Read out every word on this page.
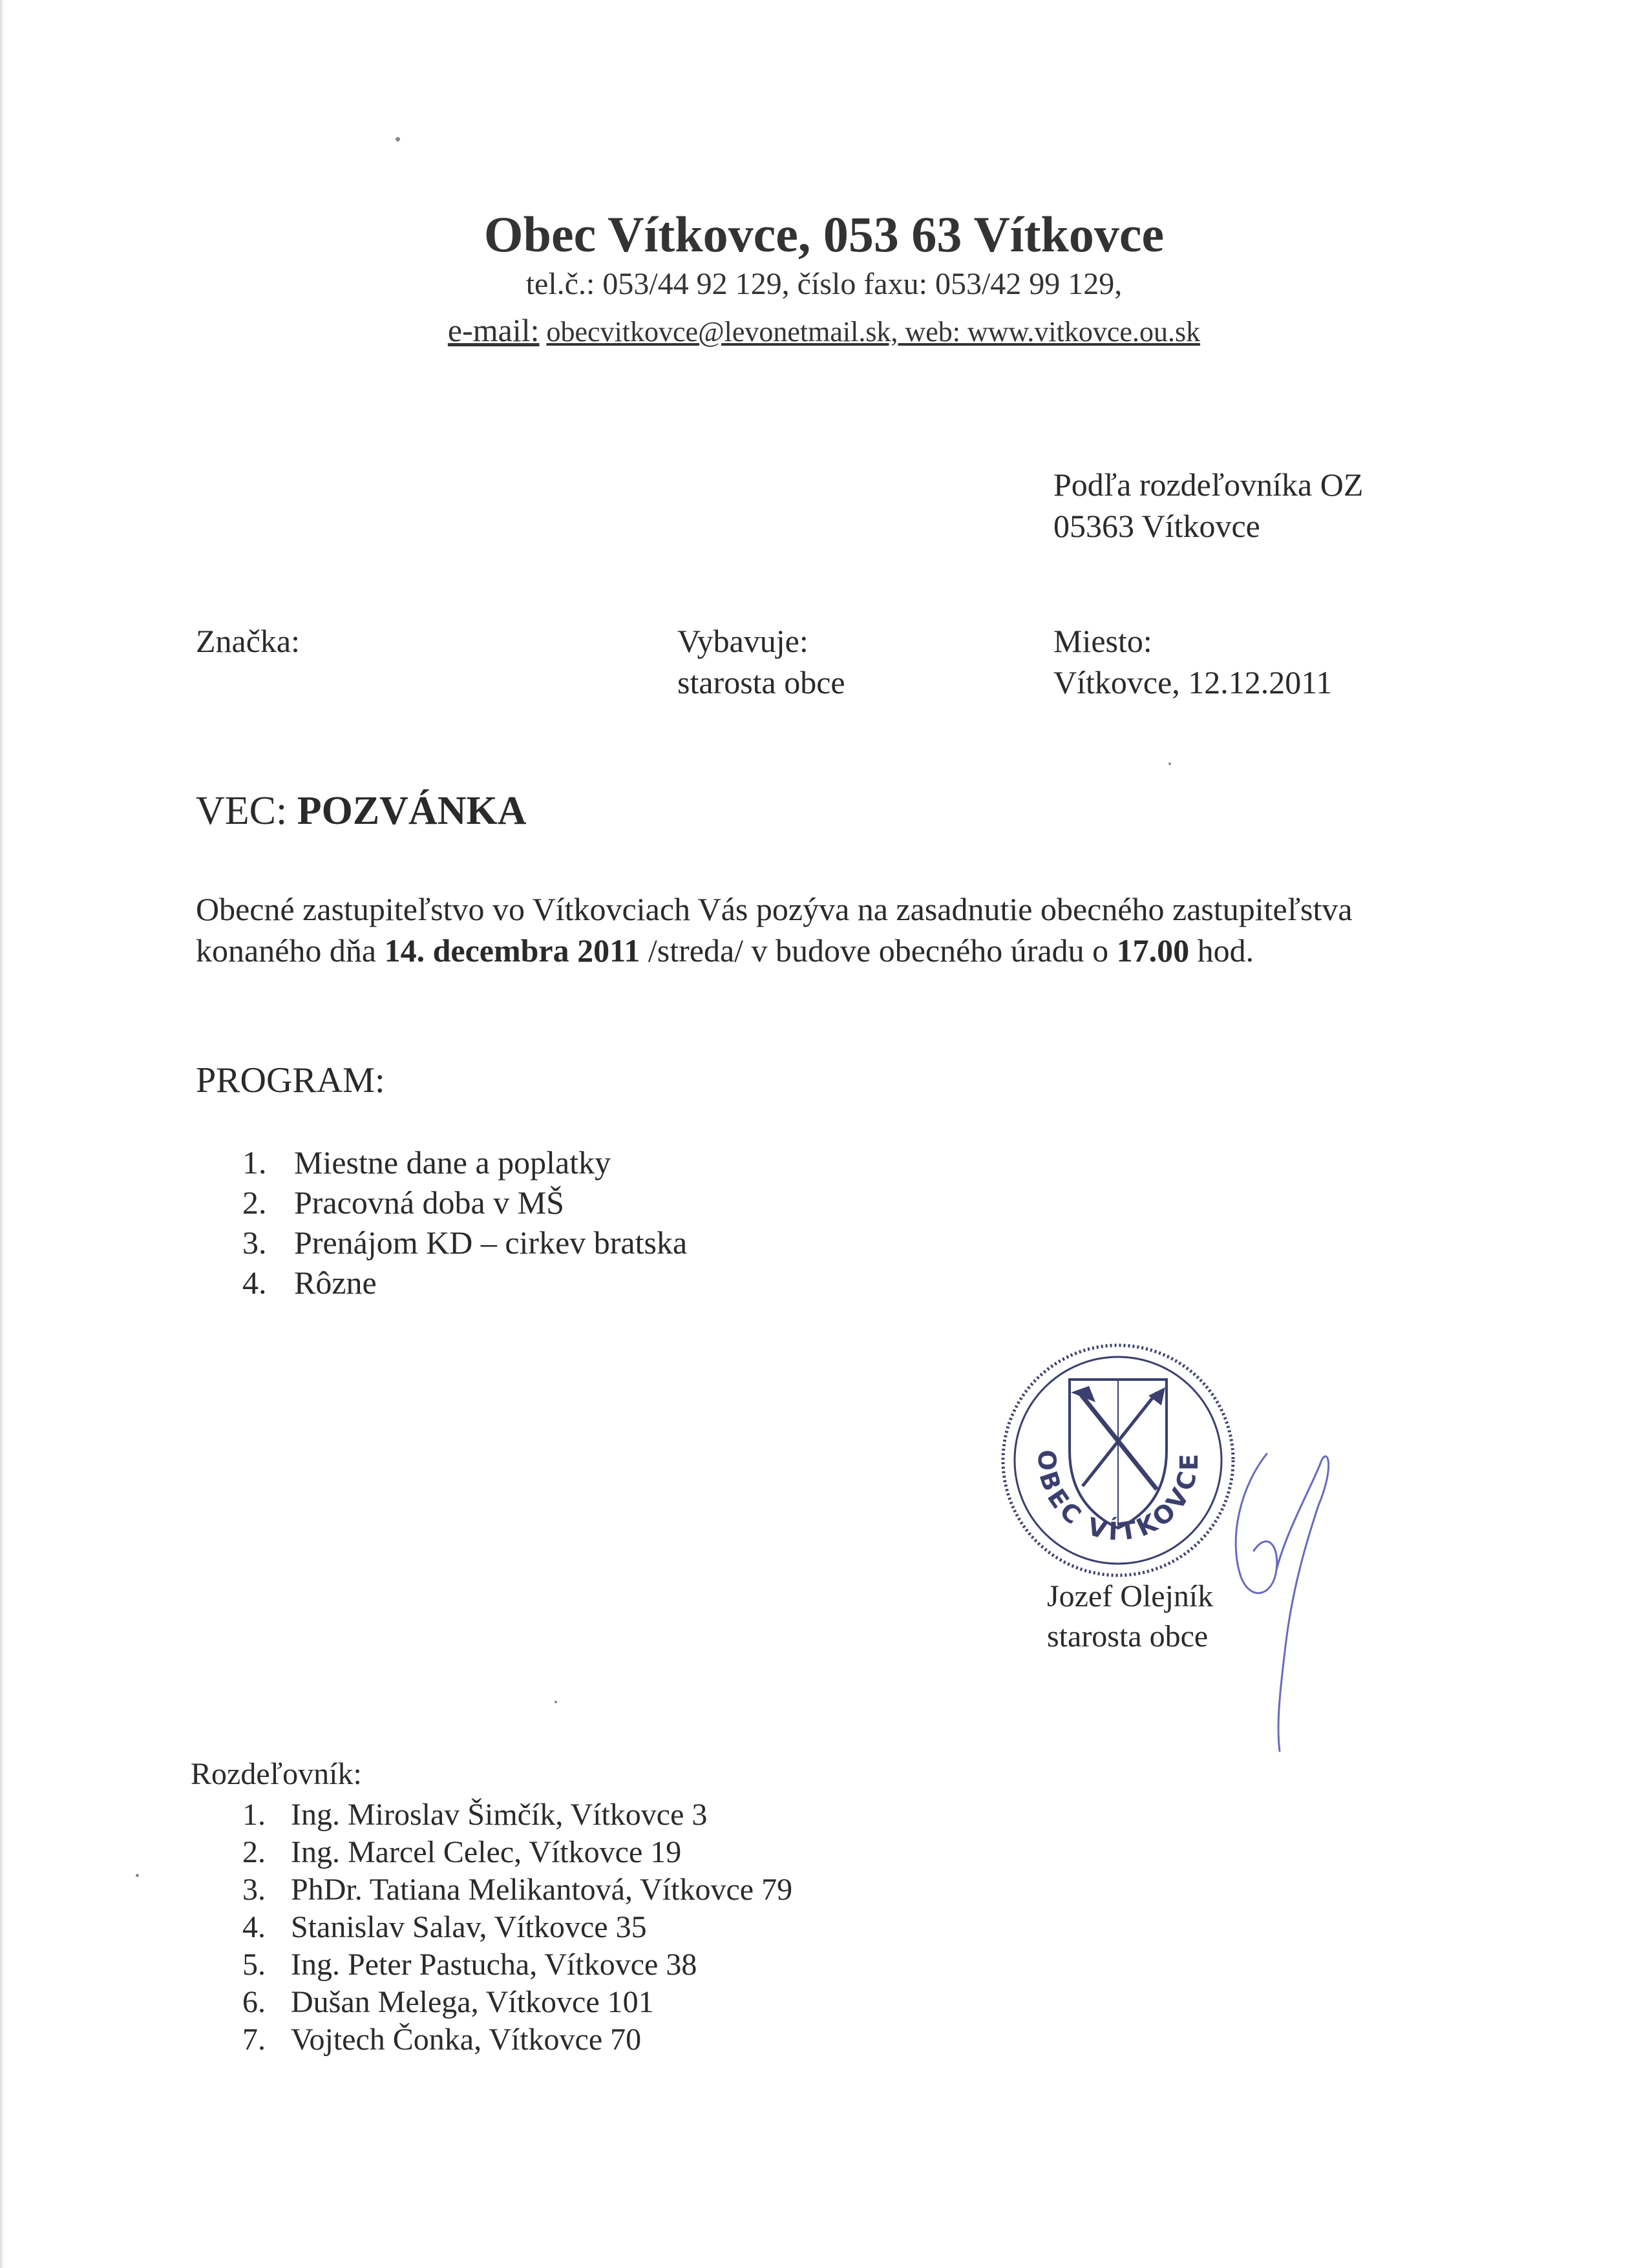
Obec Vítkovce, 053 63 Vítkovce
tel.č.: 053/44 92 129, číslo faxu: 053/42 99 129,
e-mail: obecvitkovce@levonetmail.sk, web: www.vitkovce.ou.sk
Podľa rozdeľovníka OZ
05363 Vítkovce
Značka:	Vybavuje:
starosta obce
Miesto:
Vítkovce, 12.12.2011
VEC: POZVÁNKA
Obecné zastupiteľstvo vo Vítkovciach Vás pozýva na zasadnutie obecného zastupiteľstva
konaného dňa 14. decembra 2011 /streda/ v budove obecného úradu o 17.00 hod.
PROGRAM:
1. Miestne dane a poplatky
2. Pracovná doba v MŠ
3. Prenájom KD – cirkev bratska
4. Rôzne
OBEC VÍTKOVCE
Jozef Olejník
starosta obce
Rozdeľovník:
1. Ing. Miroslav Šimčík, Vítkovce 3
2. Ing. Marcel Celec, Vítkovce 19
3. PhDr. Tatiana Melikantová, Vítkovce 79
4. Stanislav Salav, Vítkovce 35
5. Ing. Peter Pastucha, Vítkovce 38
6. Dušan Melega, Vítkovce 101
7. Vojtech Čonka, Vítkovce 70
